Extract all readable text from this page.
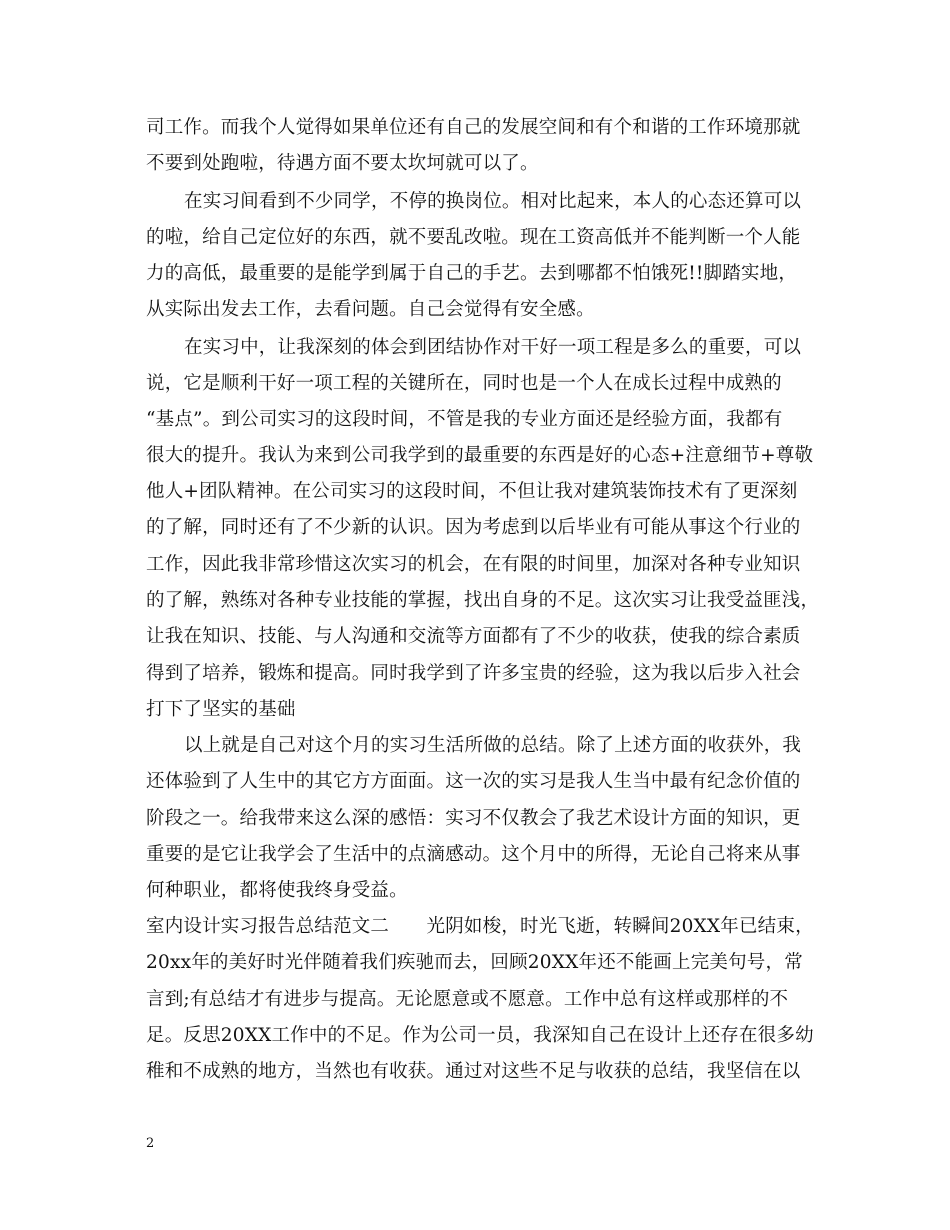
司工作。而我个人觉得如果单位还有自己的发展空间和有个和谐的工作环境那就
不要到处跑啦，待遇方面不要太坎坷就可以了。
在实习间看到不少同学，不停的换岗位。相对比起来，本人的心态还算可以
的啦，给自己定位好的东西，就不要乱改啦。现在工资高低并不能判断一个人能
力的高低，最重要的是能学到属于自己的手艺。去到哪都不怕饿死!!脚踏实地，
从实际出发去工作，去看问题。自己会觉得有安全感。
在实习中，让我深刻的体会到团结协作对干好一项工程是多么的重要，可以
说，它是顺利干好一项工程的关键所在，同时也是一个人在成长过程中成熟的
“基点”。到公司实习的这段时间，不管是我的专业方面还是经验方面，我都有
很大的提升。我认为来到公司我学到的最重要的东西是好的心态+注意细节+尊敬
他人+团队精神。在公司实习的这段时间，不但让我对建筑装饰技术有了更深刻
的了解，同时还有了不少新的认识。因为考虑到以后毕业有可能从事这个行业的
工作，因此我非常珍惜这次实习的机会，在有限的时间里，加深对各种专业知识
的了解，熟练对各种专业技能的掌握，找出自身的不足。这次实习让我受益匪浅，
让我在知识、技能、与人沟通和交流等方面都有了不少的收获，使我的综合素质
得到了培养，锻炼和提高。同时我学到了许多宝贵的经验，这为我以后步入社会
打下了坚实的基础
以上就是自己对这个月的实习生活所做的总结。除了上述方面的收获外，我
还体验到了人生中的其它方方面面。这一次的实习是我人生当中最有纪念价值的
阶段之一。给我带来这么深的感悟：实习不仅教会了我艺术设计方面的知识，更
重要的是它让我学会了生活中的点滴感动。这个月中的所得，无论自己将来从事
何种职业，都将使我终身受益。
室内设计实习报告总结范文二　　光阴如梭，时光飞逝，转瞬间20XX年已结束，
20xx年的美好时光伴随着我们疾驰而去，回顾20XX年还不能画上完美句号，常
言到;有总结才有进步与提高。无论愿意或不愿意。工作中总有这样或那样的不
足。反思20XX工作中的不足。作为公司一员，我深知自己在设计上还存在很多幼
稚和不成熟的地方，当然也有收获。通过对这些不足与收获的总结，我坚信在以
2
